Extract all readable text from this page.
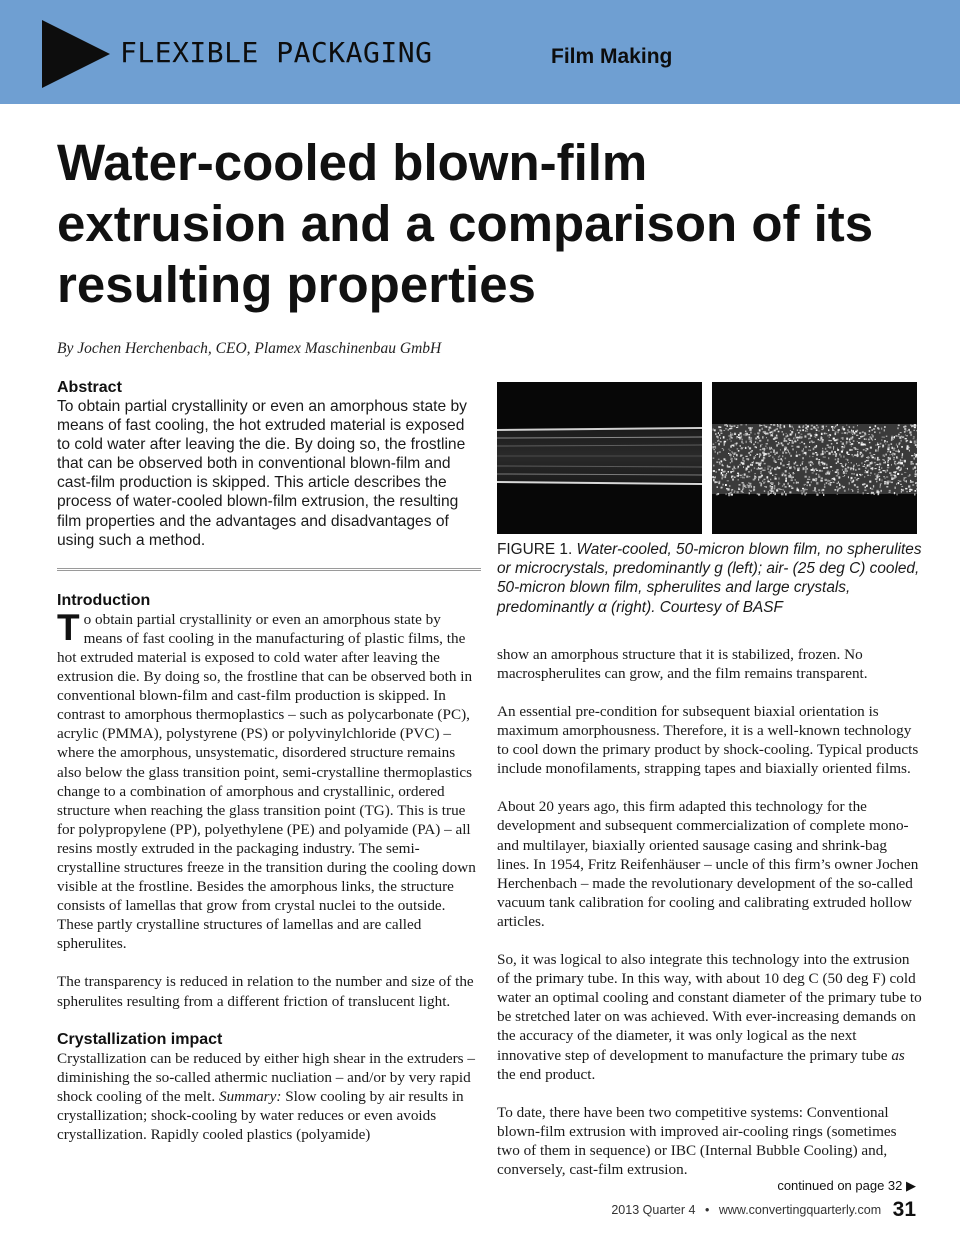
FLEXIBLE PACKAGING	Film Making
Water-cooled blown-film extrusion and a comparison of its resulting properties
By Jochen Herchenbach, CEO, Plamex Maschinenbau GmbH
Abstract

To obtain partial crystallinity or even an amorphous state by means of fast cooling, the hot extruded material is exposed to cold water after leaving the die. By doing so, the frostline that can be observed both in conventional blown-film and cast-film production is skipped. This article describes the process of water-cooled blown-film extrusion, the resulting film properties and the advantages and disadvantages of using such a method.

Introduction

To obtain partial crystallinity or even an amorphous state by means of fast cooling in the manufacturing of plastic films, the hot extruded material is exposed to cold water after leaving the extrusion die. By doing so, the frostline that can be observed both in conventional blown-film and cast-film production is skipped. In contrast to amorphous thermoplastics – such as polycarbonate (PC), acrylic (PMMA), polystyrene (PS) or polyvinylchloride (PVC) – where the amorphous, unsystematic, disordered structure remains also below the glass transition point, semi-crystalline thermoplastics change to a combination of amorphous and crystallinic, ordered structure when reaching the glass transition point (TG). This is true for polypropylene (PP), polyethylene (PE) and polyamide (PA) – all resins mostly extruded in the packaging industry. The semi-crystalline structures freeze in the transition during the cooling down visible at the frostline. Besides the amorphous links, the structure consists of lamellas that grow from crystal nuclei to the outside. These partly crystalline structures of lamellas and are called spherulites.

The transparency is reduced in relation to the number and size of the spherulites resulting from a different friction of translucent light.

Crystallization impact

Crystallization can be reduced by either high shear in the extruders – diminishing the so-called athermic nucliation – and/or by very rapid shock cooling of the melt. Summary: Slow cooling by air results in crystallization; shock-cooling by water reduces or even avoids crystallization. Rapidly cooled plastics (polyamide)

FIGURE 1. Water-cooled, 50-micron blown film, no spherulites or microcrystals, predominantly g (left); air- (25 deg C) cooled, 50-micron blown film, spherulites and large crystals, predominantly α (right). Courtesy of BASF

show an amorphous structure that it is stabilized, frozen. No macrospherulites can grow, and the film remains transparent.

An essential pre-condition for subsequent biaxial orientation is maximum amorphousness. Therefore, it is a well-known technology to cool down the primary product by shock-cooling. Typical products include monofilaments, strapping tapes and biaxially oriented films.

About 20 years ago, this firm adapted this technology for the development and subsequent commercialization of complete mono- and multilayer, biaxially oriented sausage casing and shrink-bag lines. In 1954, Fritz Reifenhäuser – uncle of this firm’s owner Jochen Herchenbach – made the revolutionary development of the so-called vacuum tank calibration for cooling and calibrating extruded hollow articles.

So, it was logical to also integrate this technology into the extrusion of the primary tube. In this way, with about 10 deg C (50 deg F) cold water an optimal cooling and constant diameter of the primary tube to be stretched later on was achieved. With ever-increasing demands on the accuracy of the diameter, it was only logical as the next innovative step of development to manufacture the primary tube as the end product.

To date, there have been two competitive systems: Conventional blown-film extrusion with improved air-cooling rings (sometimes two of them in sequence) or IBC (Internal Bubble Cooling) and, conversely, cast-film extrusion.

continued on page 32 ▶
2013 Quarter 4 • www.convertingquarterly.com 31
